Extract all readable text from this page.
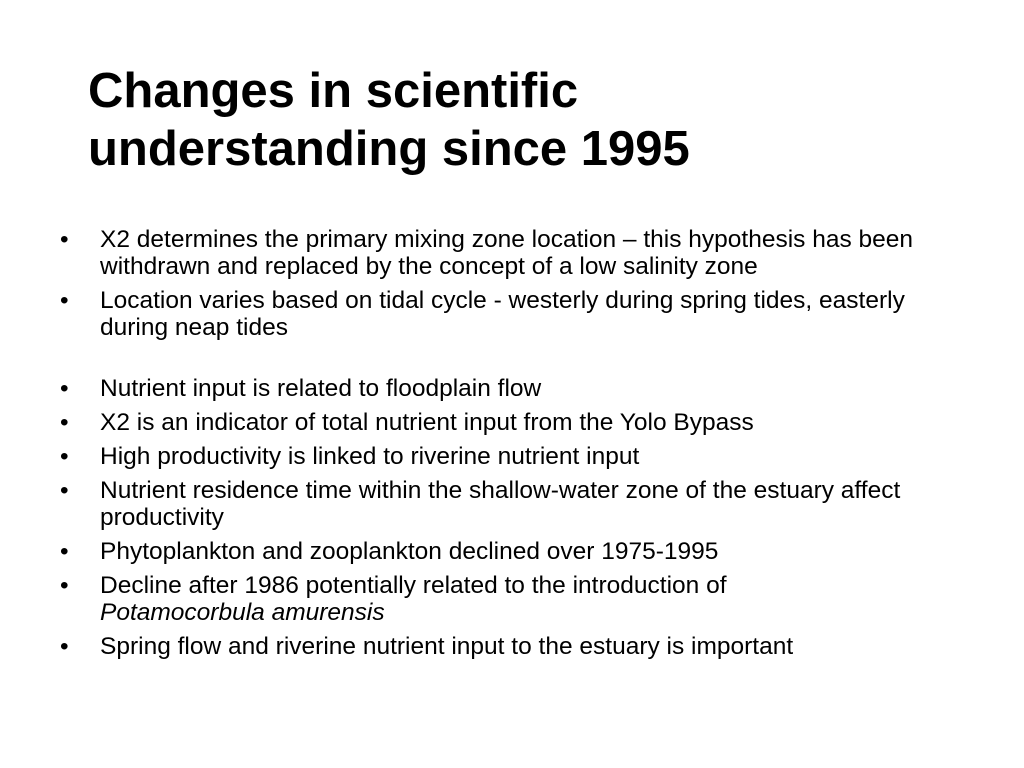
Changes in scientific
understanding since 1995
•	X2 determines the primary mixing zone location – this hypothesis has been withdrawn and replaced by the concept of a low salinity zone
•	Location varies based on tidal cycle - westerly during spring tides, easterly during neap tides
•	Nutrient input is related to floodplain flow
•	X2 is an indicator of total nutrient input from the Yolo Bypass
•	High productivity is linked to riverine nutrient input
•	Nutrient residence time within the shallow-water zone of the estuary affect productivity
•	Phytoplankton and zooplankton declined over 1975-1995
•	Decline after 1986 potentially related to the introduction of
Potamocorbula amurensis
•	Spring flow and riverine nutrient input to the estuary is important
